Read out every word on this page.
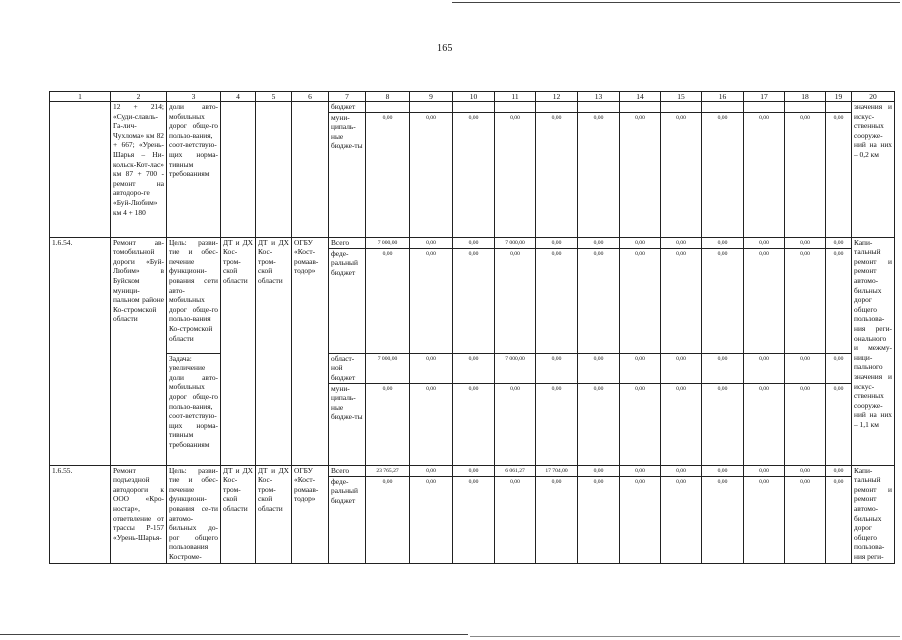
165
1	2	3	4	5	6	7	8	9	10	11	12	13	14	15	16	17	18	19	20
	12 + 214; «Суди-славль-Га-лич-Чухлома» км 82 + 667; «Урень-Шарья – Ни-кольск-Кот-лас» км 87 + 700 - ремонт на автодоро-ге «Буй-Любим» км 4 + 180	доли авто-мобильных дорог обще-го пользо-вания, соот-ветствую-щих норма-тивным требованиям				бюджет													значения и искус-ственных сооруже-ний на них – 0,2 км
						муни-ципаль-ные бюдже-ты	0,00	0,00	0,00	0,00	0,00	0,00	0,00	0,00	0,00	0,00	0,00	0,00	
1.6.54.	Ремонт ав-томобильной дороги «Буй-Любим» в Буйском муници-пальном районе Ко-стромской области	Цель: разви-тие и обес-печение функциони-рования сети авто-мобильных дорог обще-го пользо-вания Ко-стромской области	ДТ и ДХ Кос-тром-ской области	ДТ и ДХ Кос-тром-ской области	ОГБУ «Кост-ромаав-тодор»	Всего	7 000,00	0,00	0,00	7 000,00	0,00	0,00	0,00	0,00	0,00	0,00	0,00	0,00	Капи-тальный ремонт и ремонт автомо-бильных дорог общего пользова-ния реги-онального и межму-ници-пального значения и искус-ственных сооруже-ний на них – 1,1 км
						феде-ральный бюджет	0,00	0,00	0,00	0,00	0,00	0,00	0,00	0,00	0,00	0,00	0,00	0,00	
		Задача: увеличение доли авто-мобильных дорог обще-го пользо-вания, соот-ветствую-щих норма-тивным требованиям				област-ной бюджет	7 000,00	0,00	0,00	7 000,00	0,00	0,00	0,00	0,00	0,00	0,00	0,00	0,00	
						муни-ципаль-ные бюдже-ты	0,00	0,00	0,00	0,00	0,00	0,00	0,00	0,00	0,00	0,00	0,00	0,00	
1.6.55.	Ремонт подъездной автодороги к ООО «Кро-ностар», ответвление от трассы Р-157 «Урень-Шарья-	Цель: разви-тие и обес-печение функциони-рования се-ти автомо-бильных до-рог общего пользования Костроме-	ДТ и ДХ Кос-тром-ской области	ДТ и ДХ Кос-тром-ской области	ОГБУ «Кост-ромаав-тодор»	Всего	23 765,27	0,00	0,00	6 061,27	17 704,00	0,00	0,00	0,00	0,00	0,00	0,00	0,00	Капи-тальный ремонт и ремонт автомо-бильных дорог общего пользова-ния реги-
						феде-ральный бюджет	0,00	0,00	0,00	0,00	0,00	0,00	0,00	0,00	0,00	0,00	0,00	0,00	
